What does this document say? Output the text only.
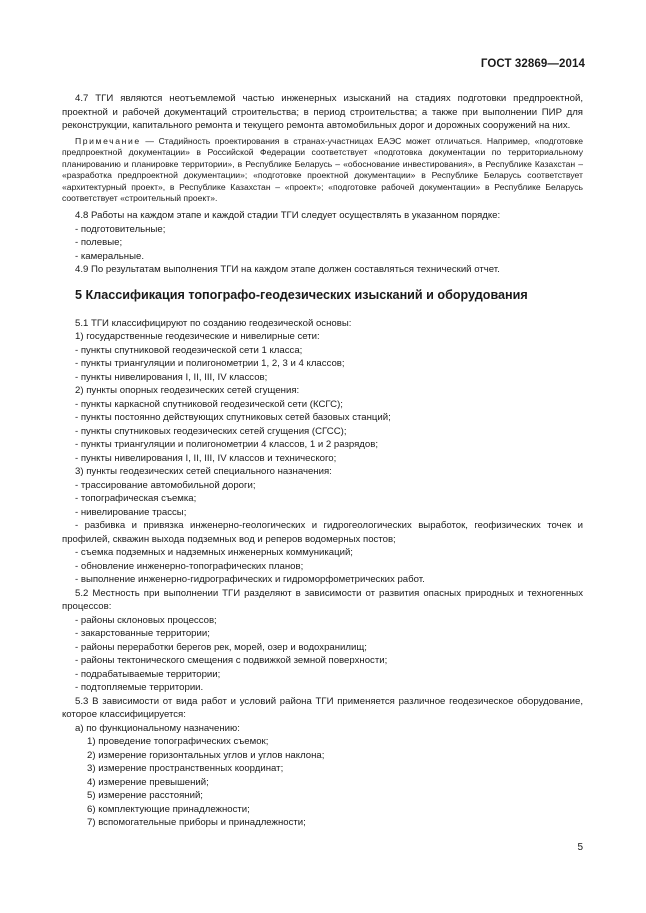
ГОСТ 32869—2014

4.7 ТГИ являются неотъемлемой частью инженерных изысканий на стадиях подготовки предпроектной, проектной и рабочей документаций строительства; в период строительства; а также при выполнении ПИР для реконструкции, капитального ремонта и текущего ремонта автомобильных дорог и дорожных сооружений на них.

Примечание — Стадийность проектирования в странах-участницах ЕАЭС может отличаться. Например, «подготовке предпроектной документации» в Российской Федерации соответствует «подготовка документации по территориальному планированию и планировке территории», в Республике Беларусь – «обоснование инвестирования», в Республике Казахстан – «разработка предпроектной документации»; «подготовке проектной документации» в Республике Беларусь соответствует «архитектурный проект», в Республике Казахстан – «проект»; «подготовке рабочей документации» в Республике Беларусь соответствует «строительный проект».

4.8 Работы на каждом этапе и каждой стадии ТГИ следует осуществлять в указанном порядке:

- подготовительные;
- полевые;
- камеральные.

4.9 По результатам выполнения ТГИ на каждом этапе должен составляться технический отчет.

5 Классификация топографо-геодезических изысканий и оборудования

5.1 ТГИ классифицируют по созданию геодезической основы:

1) государственные геодезические и нивелирные сети:
- пункты спутниковой геодезической сети 1 класса;
- пункты триангуляции и полигонометрии 1, 2, 3 и 4 классов;
- пункты нивелирования I, II, III, IV классов;
2) пункты опорных геодезических сетей сгущения:
- пункты каркасной спутниковой геодезической сети (КСГС);
- пункты постоянно действующих спутниковых сетей базовых станций;
- пункты спутниковых геодезических сетей сгущения (СГСС);
- пункты триангуляции и полигонометрии 4 классов, 1 и 2 разрядов;
- пункты нивелирования I, II, III, IV классов и технического;
3) пункты геодезических сетей специального назначения:
- трассирование автомобильной дороги;
- топографическая съемка;
- нивелирование трассы;

- разбивка и привязка инженерно-геологических и гидрогеологических выработок, геофизических точек и профилей, скважин выхода подземных вод и реперов водомерных постов;

- съемка подземных и надземных инженерных коммуникаций;
- обновление инженерно-топографических планов;
- выполнение инженерно-гидрографических и гидроморфометрических работ.

5.2 Местность при выполнении ТГИ разделяют в зависимости от развития опасных природных и техногенных процессов:

- районы склоновых процессов;
- закарстованные территории;
- районы переработки берегов рек, морей, озер и водохранилищ;
- районы тектонического смещения с подвижкой земной поверхности;
- подрабатываемые территории;
- подтопляемые территории.

5.3 В зависимости от вида работ и условий района ТГИ применяется различное геодезическое оборудование, которое классифицируется:

а) по функциональному назначению:
1) проведение топографических съемок;
2) измерение горизонтальных углов и углов наклона;
3) измерение пространственных координат;
4) измерение превышений;
5) измерение расстояний;
6) комплектующие принадлежности;
7) вспомогательные приборы и принадлежности;
5
